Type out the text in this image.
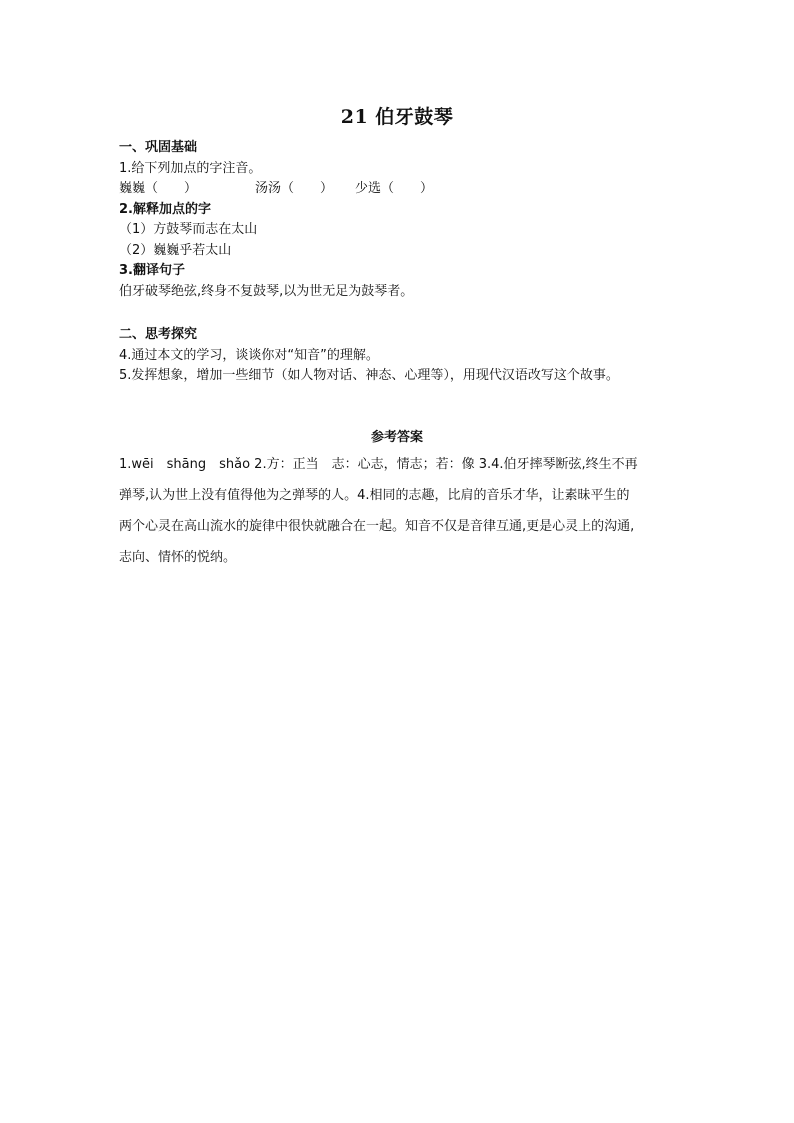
21 伯牙鼓琴
一、巩固基础
1.给下列加点的字注音。
巍巍（　　）	汤汤（　　） 少选（　　）
2.解释加点的字
（1）方鼓琴而志在太山
（2）巍巍乎若太山
3.翻译句子
伯牙破琴绝弦,终身不复鼓琴,以为世无足为鼓琴者。
二、思考探究
4.通过本文的学习，谈谈你对“知音”的理解。
5.发挥想象，增加一些细节（如人物对话、神态、心理等），用现代汉语改写这个故事。
参考答案
1.wēi　shāng　shǎo 2.方：正当　志：心志，情志；若：像 3.4.伯牙摔琴断弦,终生不再
弹琴,认为世上没有值得他为之弹琴的人。4.相同的志趣，比肩的音乐才华，让素昧平生的
两个心灵在高山流水的旋律中很快就融合在一起。知音不仅是音律互通,更是心灵上的沟通,
志向、情怀的悦纳。
